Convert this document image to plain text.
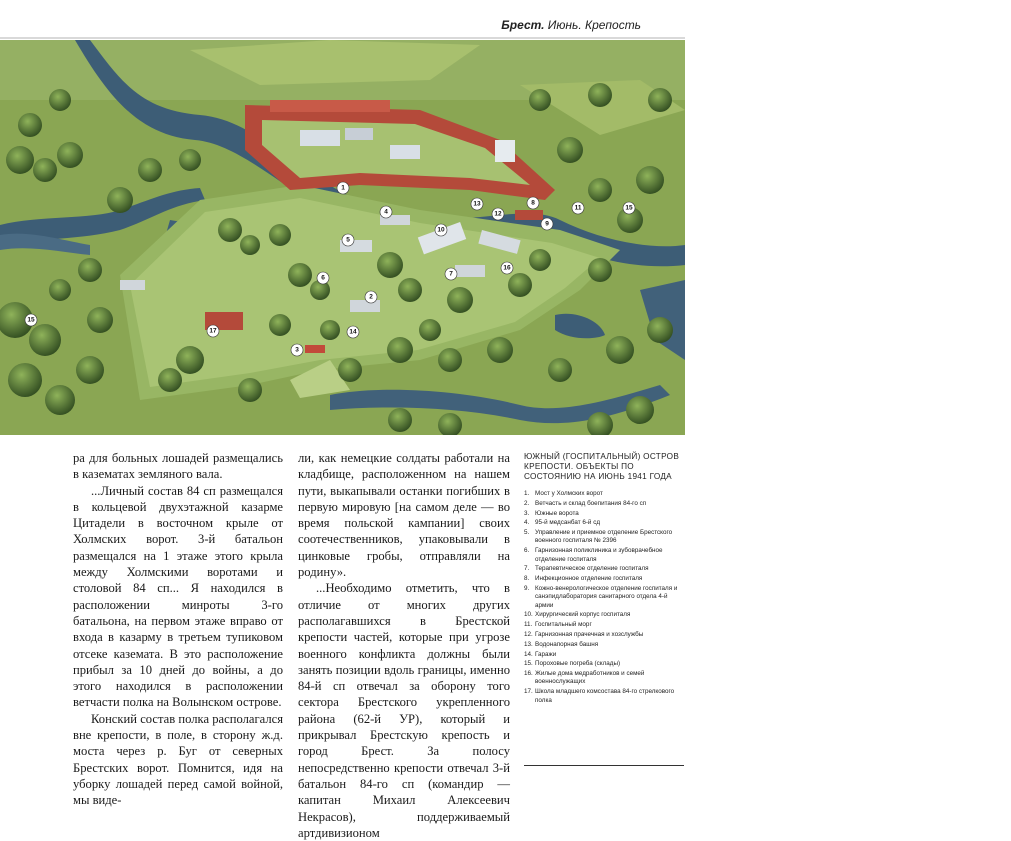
Брест. Июнь. Крепость
1
2
3
4
5
6
7
8
9
10
11
12
13
14
15
16
17
15

ра для больных лошадей размещались в казематах земляного вала.

...Личный состав 84 сп размещался в кольцевой двухэтажной казарме Цитадели в восточном крыле от Холмских ворот. 3-й батальон размещался на 1 этаже этого крыла между Холмскими воротами и столовой 84 сп... Я находился в расположении минроты 3-го батальона, на первом этаже вправо от входа в казарму в третьем тупиковом отсеке каземата. В это расположение прибыл за 10 дней до войны, а до этого находился в расположении ветчасти полка на Волынском острове.

Конский состав полка располагался вне крепости, в поле, в сторону ж.д. моста через р. Буг от северных Брестских ворот. Помнится, идя на уборку лошадей перед самой войной, мы виде-

ли, как немецкие солдаты работали на кладбище, расположенном на нашем пути, выкапывали останки погибших в первую мировую [на самом деле — во время польской кампании] своих соотечественников, упаковывали в цинковые гробы, отправляли на родину».

...Необходимо отметить, что в отличие от многих других располагавшихся в Брестской крепости частей, которые при угрозе военного конфликта должны были занять позиции вдоль границы, именно 84-й сп отвечал за оборону того сектора Брестского укрепленного района (62-й УР), который и прикрывал Брестскую крепость и город Брест. За полосу непосредственно крепости отвечал 3-й батальон 84-го сп (командир — капитан Михаил Алексеевич Некрасов), поддерживаемый артдивизионом

ЮЖНЫЙ (ГОСПИТАЛЬНЫЙ) ОСТРОВ КРЕПОСТИ. ОБЪЕКТЫ ПО СОСТОЯНИЮ НА ИЮНЬ 1941 ГОДА
1. Мост у Холмских ворот
2. Ветчасть и склад боепитания 84-го сп
3. Южные ворота
4. 95-й медсанбат 6-й сд
5. Управление и приемное отделение Брестского военного госпиталя № 2396
6. Гарнизонная поликлиника и зубоврачебное отделение госпиталя
7. Терапевтическое отделение госпиталя
8. Инфекционное отделение госпиталя
9. Кожно-венерологическое отделение госпиталя и санэпидлаборатория санитарного отдела 4-й армии
10. Хирургический корпус госпиталя
11. Госпитальный морг
12. Гарнизонная прачечная и хозслужбы
13. Водонапорная башня
14. Гаражи
15. Пороховые погреба (склады)
16. Жилые дома медработников и семей военнослужащих
17. Школа младшего комсостава 84-го стрелкового полка
